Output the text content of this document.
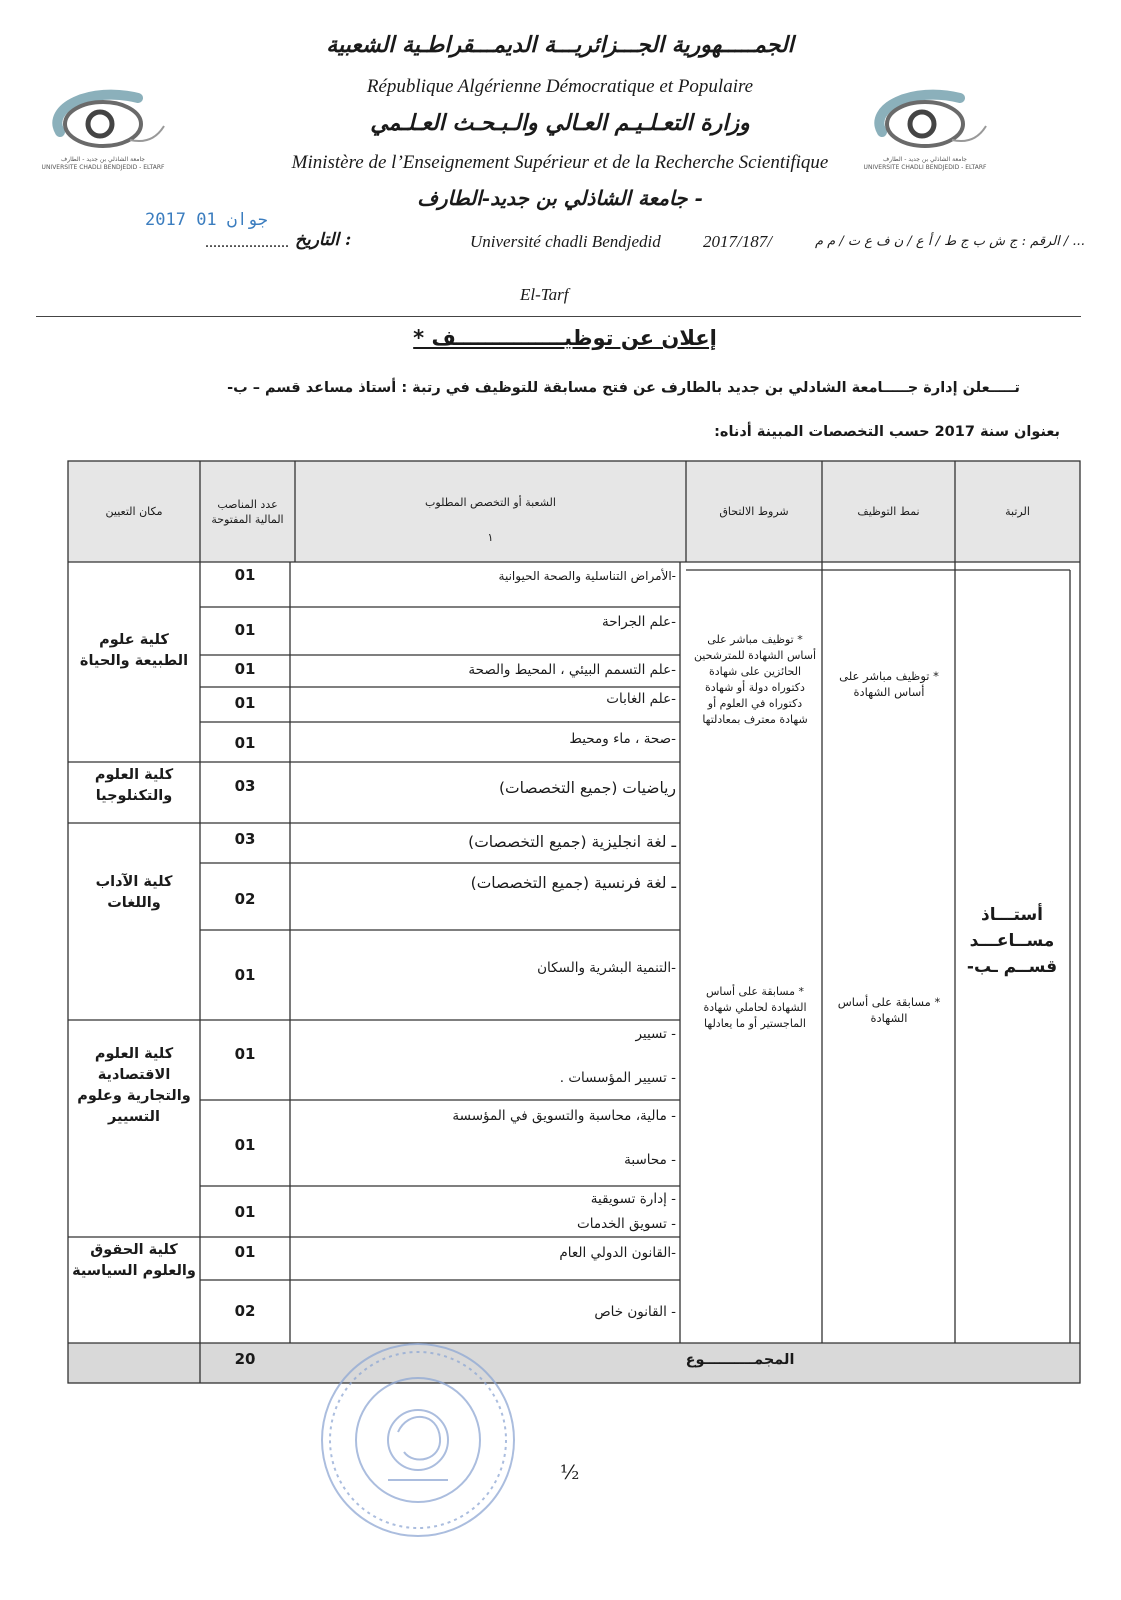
جامعة الشاذلي بن جديد - الطارف
UNIVERSITE CHADLI BENDJEDID - ELTARF
جامعة الشاذلي بن جديد - الطارف
UNIVERSITE CHADLI BENDJEDID - ELTARF
الجمـــــهورية الجـــزائريـــة الديمـــقراطـية الشعبية
République Algérienne Démocratique et Populaire
وزارة التعـلـيـم العـالي والـبـحـث العـلـمي
Ministère de l’Enseignement Supérieur et de la Recherche Scientifique
جامعة الشاذلي بن جديد-الطارف -
2017 جوان 01
..................... التاريخ :	Université chadli Bendjedid 2017/187/	الرقم : ج ش ب ج ط / أ ع / ن ف ع ت / م م / ...
El-Tarf
إعلان عن توظيـــــــــــــــف *
تـــــعلن إدارة جـــــامعة الشادلي بن جديد بالطارف عن فتح مسابقة للتوظيف في رتبة : أستاذ مساعد قسم – ب-
بعنوان سنة 2017 حسب التخصصات المبينة أدناه:
الرتبة
نمط التوظيف
شروط الالتحاق
الشعبة أو التخصص المطلوب
۱
عدد المناصب المالية المفتوحة
مكان التعيين
أستـــاذ مســاعـــد قســم ـب-
* توظيف مباشر على أساس الشهادة
* مسابقة على أساس الشهادة
* توظيف مباشر على أساس الشهادة للمترشحين الحائزين على شهادة دكتوراه دولة أو شهادة دكتوراه في العلوم أو شهادة معترف بمعادلتها
* مسابقة على أساس الشهادة لحاملي شهادة الماجستير أو ما يعادلها
كلية علوم الطبيعة والحياة
كلية العلوم والتكنلوجيا
كلية الآداب واللغات
كلية العلوم الاقتصادية والتجارية وعلوم التسيير
كلية الحقوق والعلوم السياسية
-الأمراض التناسلية والصحة الحيوانية
01
-علم الجراحة
01
-علم التسمم البيئي ، المحيط والصحة
01
-علم الغابات
01
-صحة ، ماء ومحيط
01
رياضيات (جميع التخصصات)
03
ـ لغة انجليزية (جميع التخصصات)
03
ـ لغة فرنسية (جميع التخصصات)
02
-التنمية البشرية والسكان
01
- تسيير
- تسيير المؤسسات .
01
- مالية، محاسبة والتسويق في المؤسسة
- محاسبة
01
- إدارة تسويقية
- تسويق الخدمات
01
-القانون الدولي العام
01
- القانون خاص
02
المجمــــــــــوع
20
½
